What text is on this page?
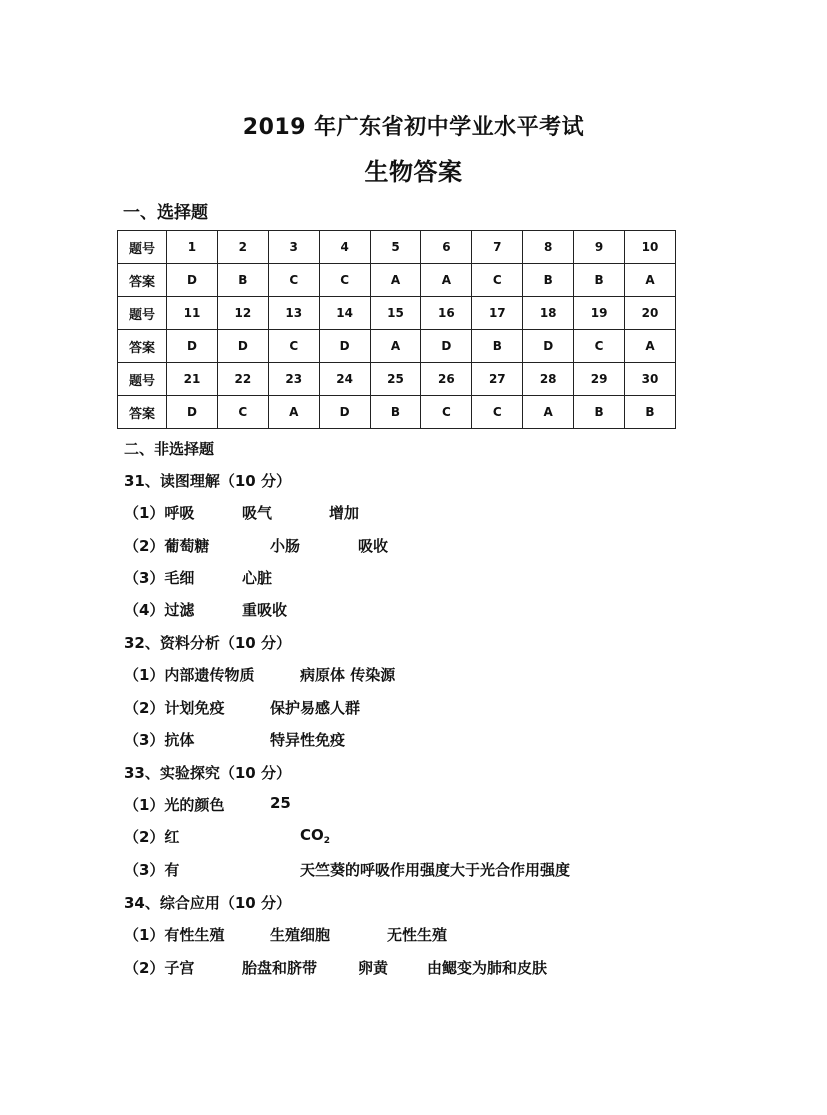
2019 年广东省初中学业水平考试
生物答案
一、选择题
题号	1	2	3	4	5	6	7	8	9	10
答案	D	B	C	C	A	A	C	B	B	A
题号	11	12	13	14	15	16	17	18	19	20
答案	D	D	C	D	A	D	B	D	C	A
题号	21	22	23	24	25	26	27	28	29	30
答案	D	C	A	D	B	C	C	A	B	B
二、非选择题
31、读图理解（10 分）
（1）呼吸	吸气	增加
（2）葡萄糖	小肠	吸收
（3）毛细	心脏
（4）过滤	重吸收
32、资料分析（10 分）
（1）内部遗传物质	病原体 传染源
（2）计划免疫	保护易感人群
（3）抗体	特异性免疫
33、实验探究（10 分）
（1）光的颜色	25
（2）红	$CO_2$
（3）有	天竺葵的呼吸作用强度大于光合作用强度
34、综合应用（10 分）
（1）有性生殖	生殖细胞	无性生殖
（2）子宫	胎盘和脐带	卵黄	由鳃变为肺和皮肤
